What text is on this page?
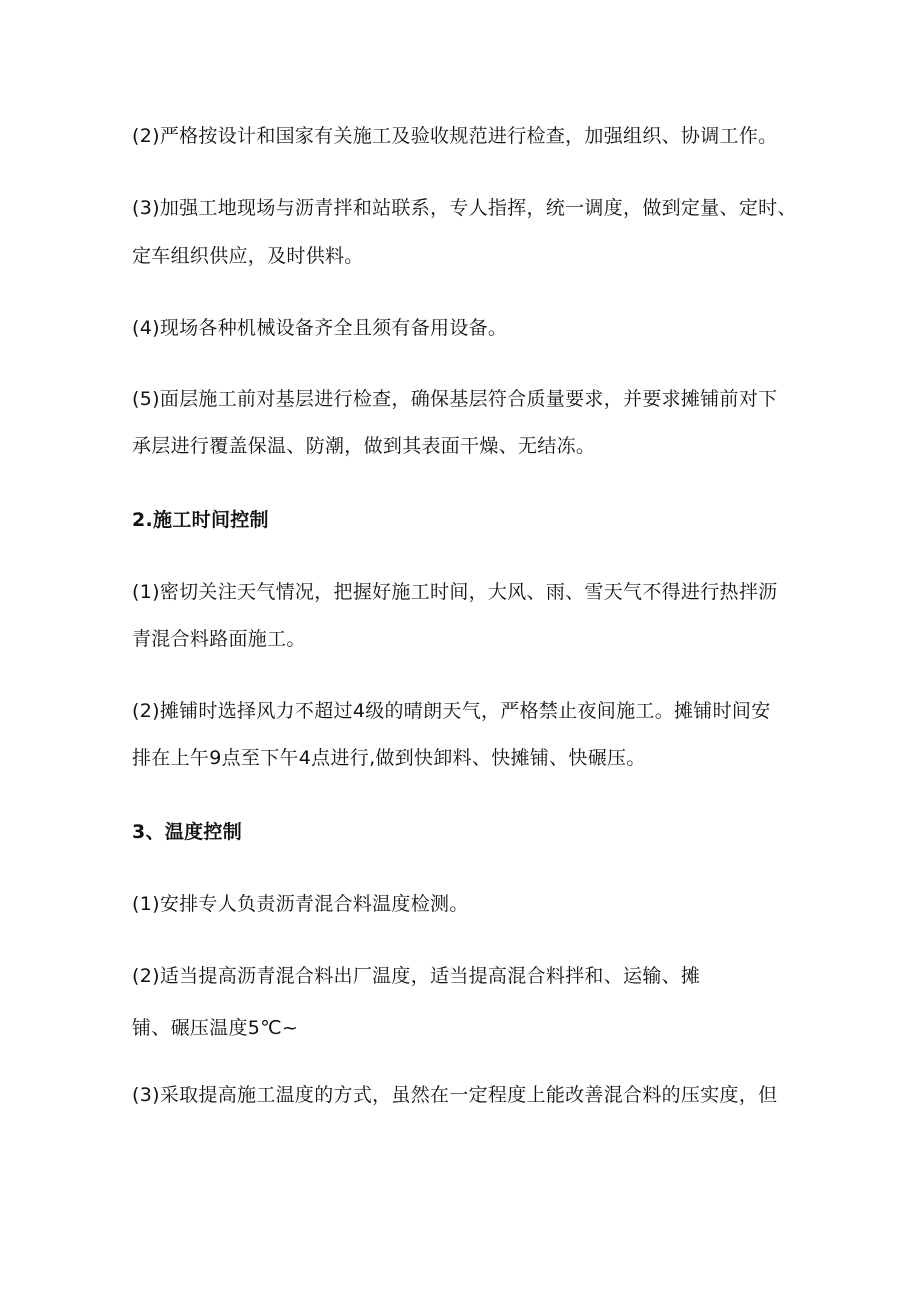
(2)严格按设计和国家有关施工及验收规范进行检查，加强组织、协调工作。
(3)加强工地现场与沥青拌和站联系，专人指挥，统一调度，做到定量、定时、
定车组织供应，及时供料。
(4)现场各种机械设备齐全且须有备用设备。
(5)面层施工前对基层进行检查，确保基层符合质量要求，并要求摊铺前对下
承层进行覆盖保温、防潮，做到其表面干燥、无结冻。
2.施工时间控制
(1)密切关注天气情况，把握好施工时间，大风、雨、雪天气不得进行热拌沥
青混合料路面施工。
(2)摊铺时选择风力不超过4级的晴朗天气，严格禁止夜间施工。摊铺时间安
排在上午9点至下午4点进行,做到快卸料、快摊铺、快碾压。
3、温度控制
(1)安排专人负责沥青混合料温度检测。
(2)适当提高沥青混合料出厂温度，适当提高混合料拌和、运输、摊
铺、碾压温度5℃~
(3)采取提高施工温度的方式，虽然在一定程度上能改善混合料的压实度，但
